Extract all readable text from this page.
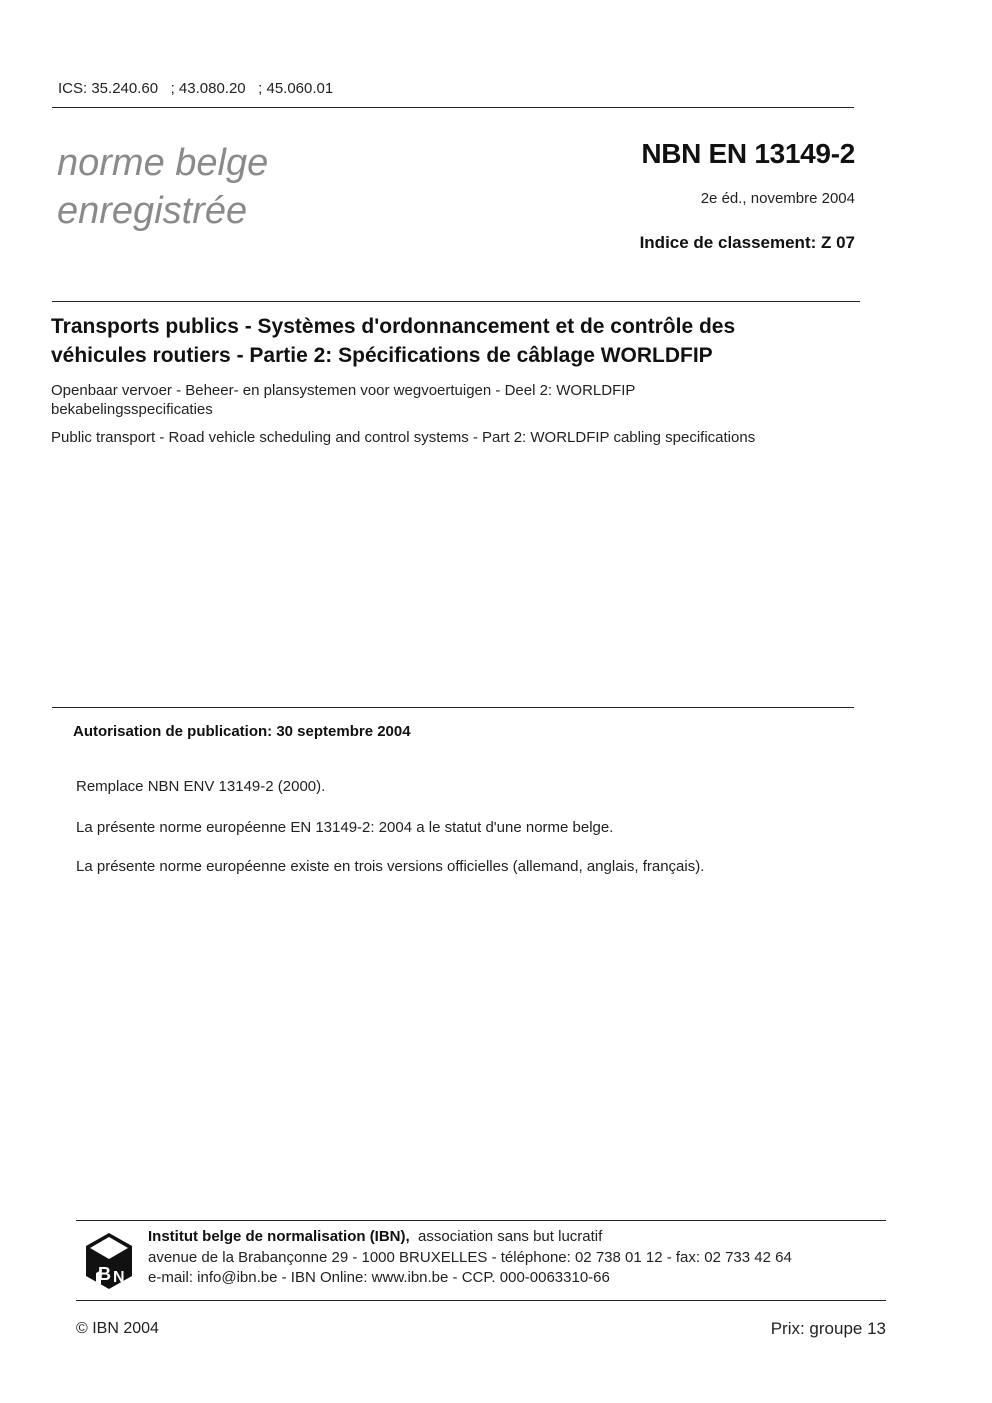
ICS: 35.240.60   ; 43.080.20   ; 45.060.01
norme belge
enregistrée
NBN EN 13149-2
2e éd., novembre 2004
Indice de classement: Z 07
Transports publics - Systèmes d'ordonnancement et de contrôle des
véhicules routiers - Partie 2: Spécifications de câblage WORLDFIP
Openbaar vervoer - Beheer- en plansystemen voor wegvoertuigen - Deel 2: WORLDFIP
bekabelingsspecificaties
Public transport - Road vehicle scheduling and control systems - Part 2: WORLDFIP cabling specifications
Autorisation de publication: 30 septembre 2004
Remplace NBN ENV 13149-2 (2000).
La présente norme européenne EN 13149-2: 2004 a le statut d'une norme belge.
La présente norme européenne existe en trois versions officielles (allemand, anglais, français).
B N
Institut belge de normalisation (IBN),  association sans but lucratif
avenue de la Brabançonne 29 - 1000 BRUXELLES - téléphone: 02 738 01 12 - fax: 02 733 42 64
e-mail: info@ibn.be - IBN Online: www.ibn.be - CCP. 000-0063310-66
© IBN 2004	Prix: groupe 13
